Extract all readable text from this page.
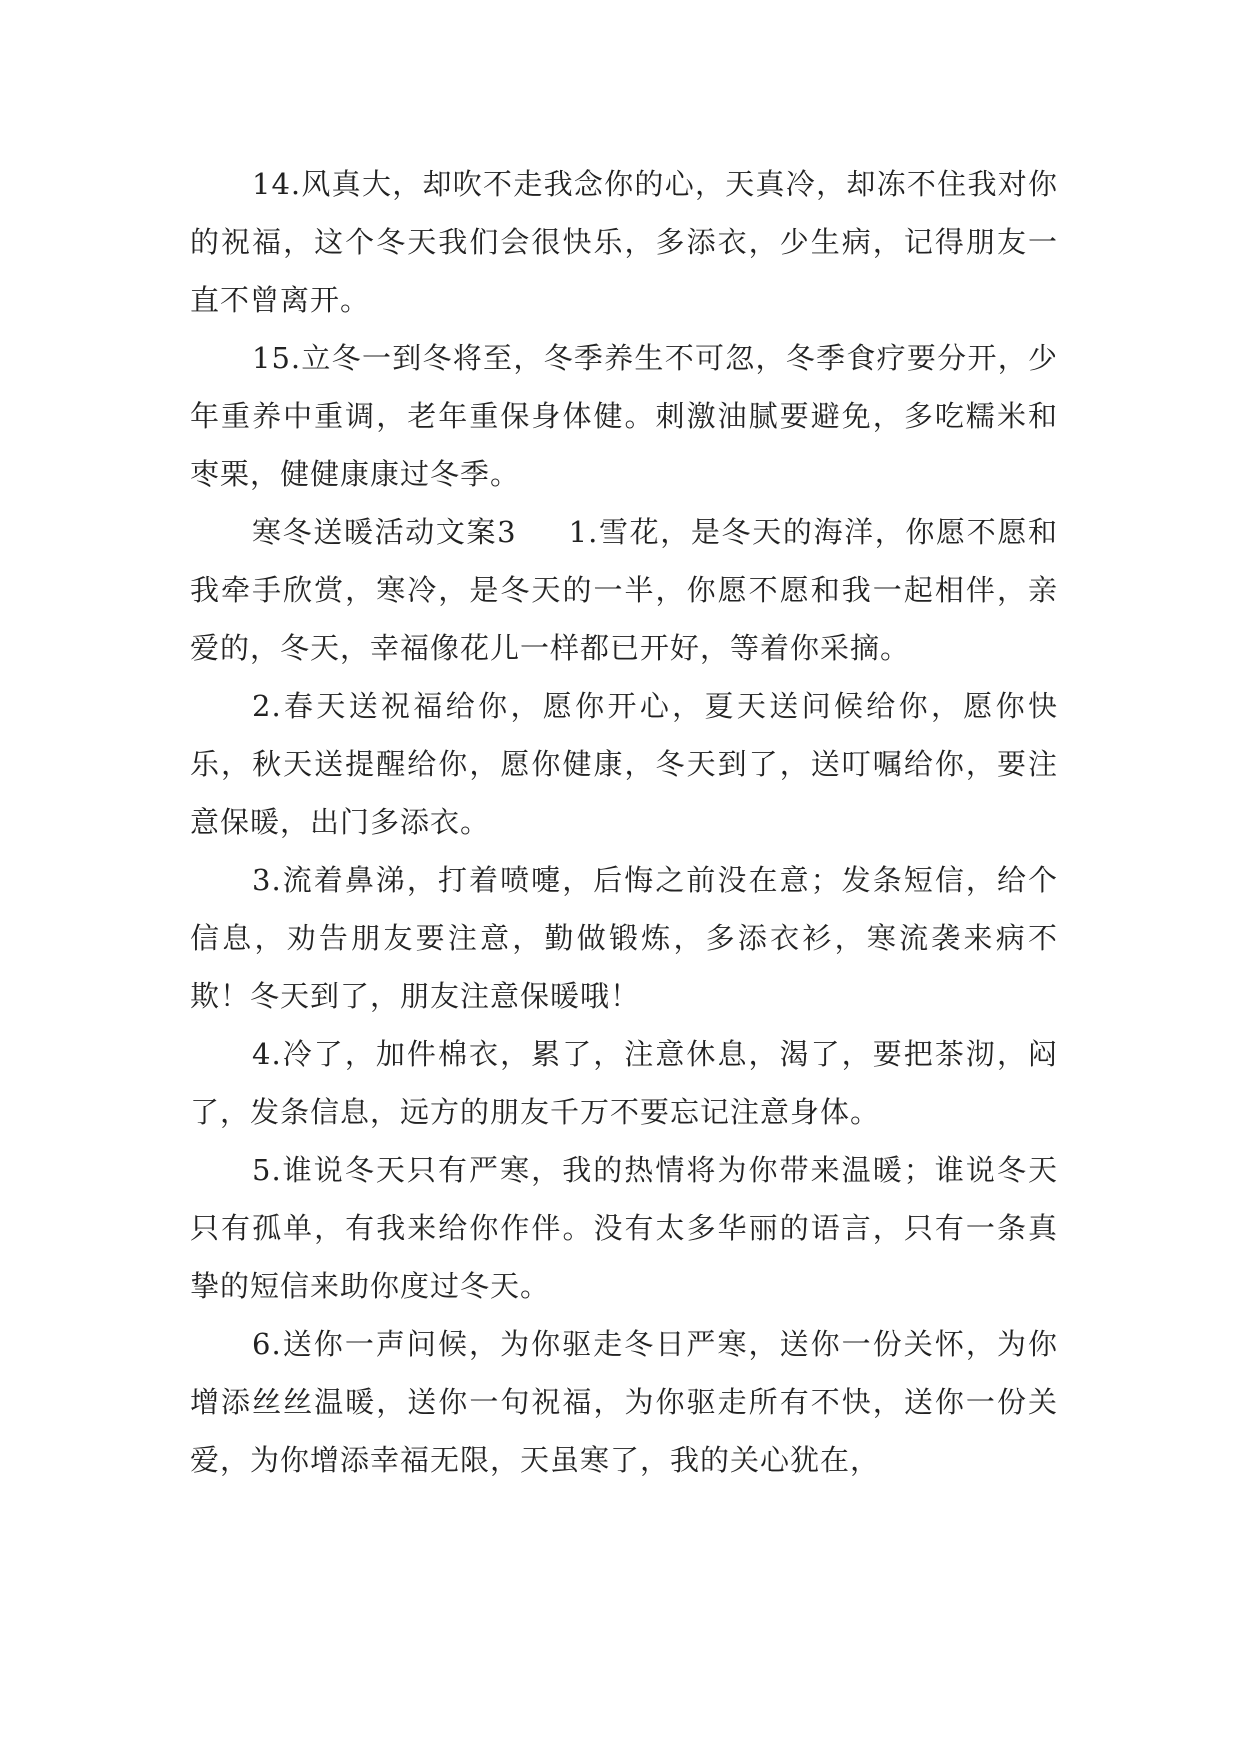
14.风真大，却吹不走我念你的心，天真冷，却冻不住我对你的祝福，这个冬天我们会很快乐，多添衣，少生病，记得朋友一直不曾离开。

15.立冬一到冬将至，冬季养生不可忽，冬季食疗要分开，少年重养中重调，老年重保身体健。刺激油腻要避免，多吃糯米和枣栗，健健康康过冬季。

寒冬送暖活动文案3 1.雪花，是冬天的海洋，你愿不愿和我牵手欣赏，寒冷，是冬天的一半，你愿不愿和我一起相伴，亲爱的，冬天，幸福像花儿一样都已开好，等着你采摘。

2.春天送祝福给你，愿你开心，夏天送问候给你，愿你快乐，秋天送提醒给你，愿你健康，冬天到了，送叮嘱给你，要注意保暖，出门多添衣。

3.流着鼻涕，打着喷嚏，后悔之前没在意；发条短信，给个信息，劝告朋友要注意，勤做锻炼，多添衣衫，寒流袭来病不欺！冬天到了，朋友注意保暖哦！

4.冷了，加件棉衣，累了，注意休息，渴了，要把茶沏，闷了，发条信息，远方的朋友千万不要忘记注意身体。

5.谁说冬天只有严寒，我的热情将为你带来温暖；谁说冬天只有孤单，有我来给你作伴。没有太多华丽的语言，只有一条真挚的短信来助你度过冬天。

6.送你一声问候，为你驱走冬日严寒，送你一份关怀，为你增添丝丝温暖，送你一句祝福，为你驱走所有不快，送你一份关爱，为你增添幸福无限，天虽寒了，我的关心犹在，
